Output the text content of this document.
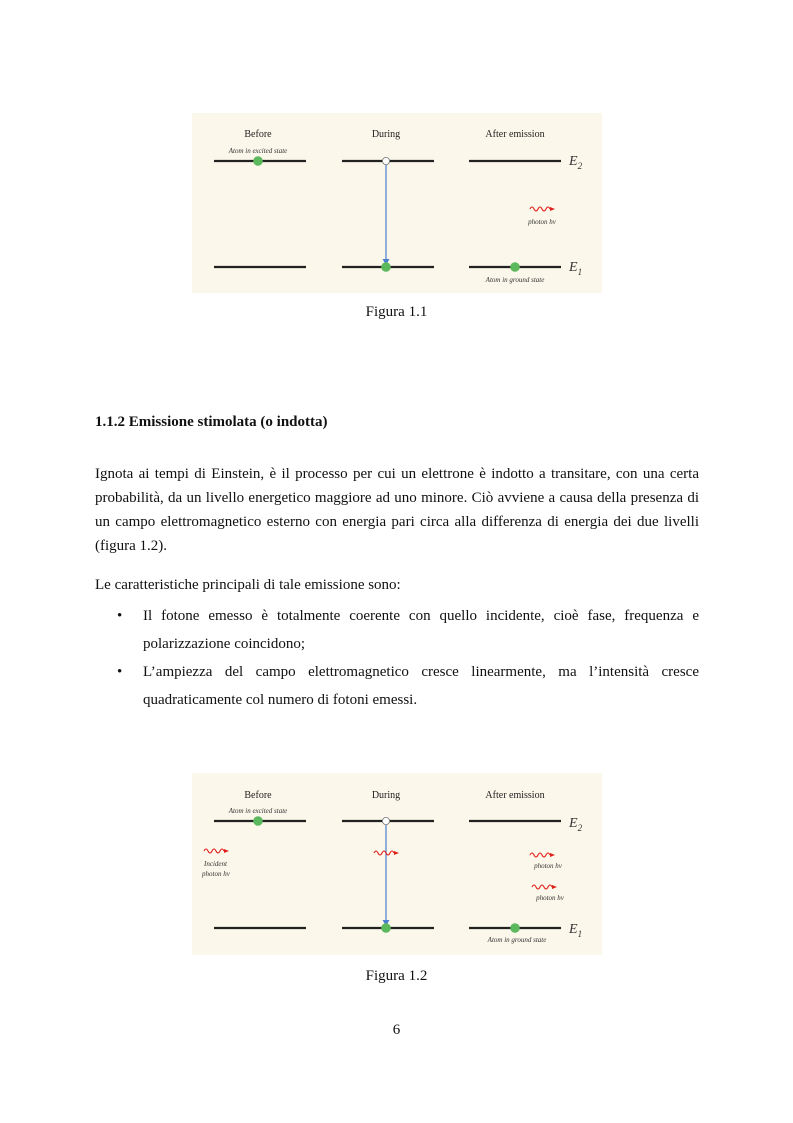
Before	During	After emission
Atom in excited state
photon hν
Atom in ground state
$E_2$
$E_1$
Figura 1.1
1.1.2 Emissione stimolata (o indotta)

Ignota ai tempi di Einstein, è il processo per cui un elettrone è indotto a transitare, con una certa probabilità, da un livello energetico maggiore ad uno minore. Ciò avviene a causa della presenza di un campo elettromagnetico esterno con energia pari circa alla differenza di energia dei due livelli (figura 1.2).

Le caratteristiche principali di tale emissione sono:
• Il fotone emesso è totalmente coerente con quello incidente, cioè fase, frequenza e polarizzazione coincidono;
• L’ampiezza del campo elettromagnetico cresce linearmente, ma l’intensità cresce quadraticamente col numero di fotoni emessi.
Before	During	After emission
Atom in excited state
Incident
photon hν
photon hν
photon hν
Atom in ground state
$E_2$
$E_1$
Figura 1.2
6
